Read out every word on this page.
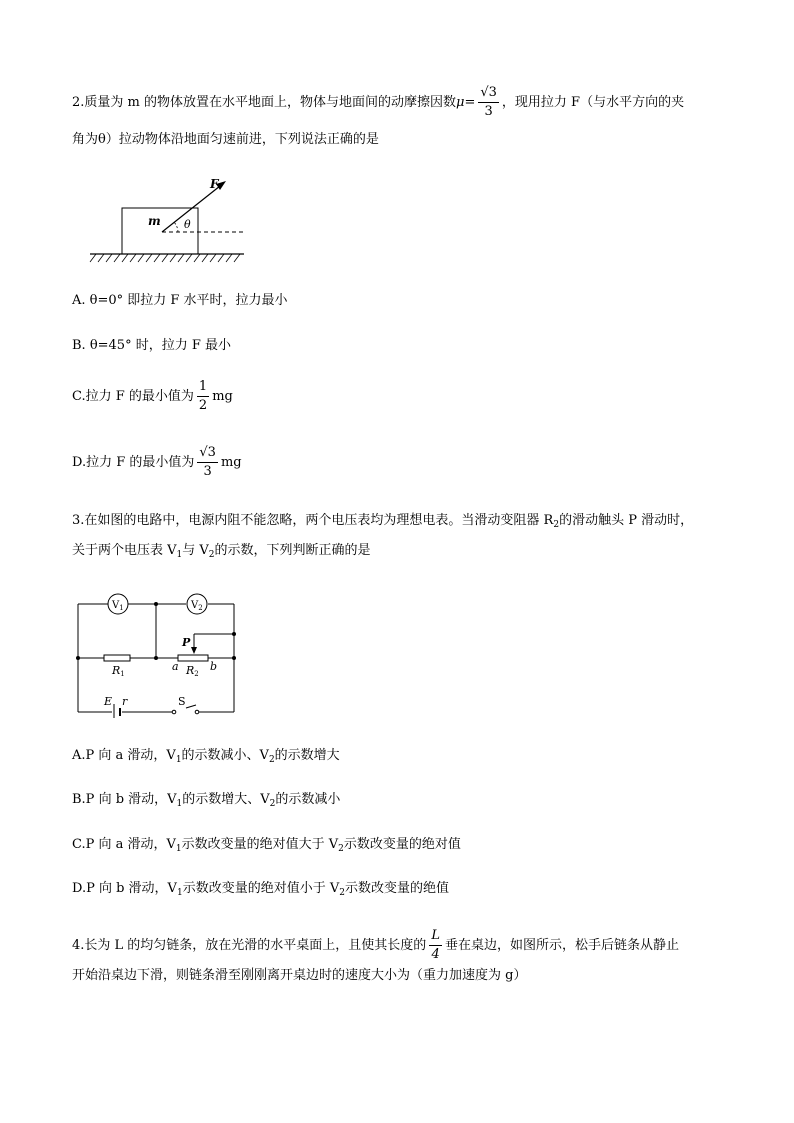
2.质量为 m 的物体放置在水平地面上，物体与地面间的动摩擦因数$\mu= \frac{√3}{3}$ ，现用拉力 F（与水平方向的夹
角为θ）拉动物体沿地面匀速前进，下列说法正确的是
F
m θ
A. θ=0° 即拉力 F 水平时，拉力最小
B. θ=45° 时，拉力 F 最小
C.拉力 F 的最小值为 $\frac{1}{2}$ mg
D.拉力 F 的最小值为 $\frac{√3}{3}$ mg
3.在如图的电路中，电源内阻不能忽略，两个电压表均为理想电表。当滑动变阻器 $R_2$的滑动触头 P 滑动时，
关于两个电压表 $V_1$与 $V_2$的示数，下列判断正确的是
$V_1$	$V_2$
R1	R2
P
a	b
E r	S
A.P 向 a 滑动，$V_1$的示数减小、$V_2$的示数增大
B.P 向 b 滑动，$V_1$的示数增大、$V_2$的示数减小
C.P 向 a 滑动，$V_1$示数改变量的绝对值大于 $V_2$示数改变量的绝对值
D.P 向 b 滑动，$V_1$示数改变量的绝对值小于 $V_2$示数改变量的绝值
4.长为 L 的均匀链条，放在光滑的水平桌面上，且使其长度的 $\frac{L}{4}$ 垂在桌边，如图所示，松手后链条从静止
开始沿桌边下滑，则链条滑至刚刚离开桌边时的速度大小为（重力加速度为 g）
